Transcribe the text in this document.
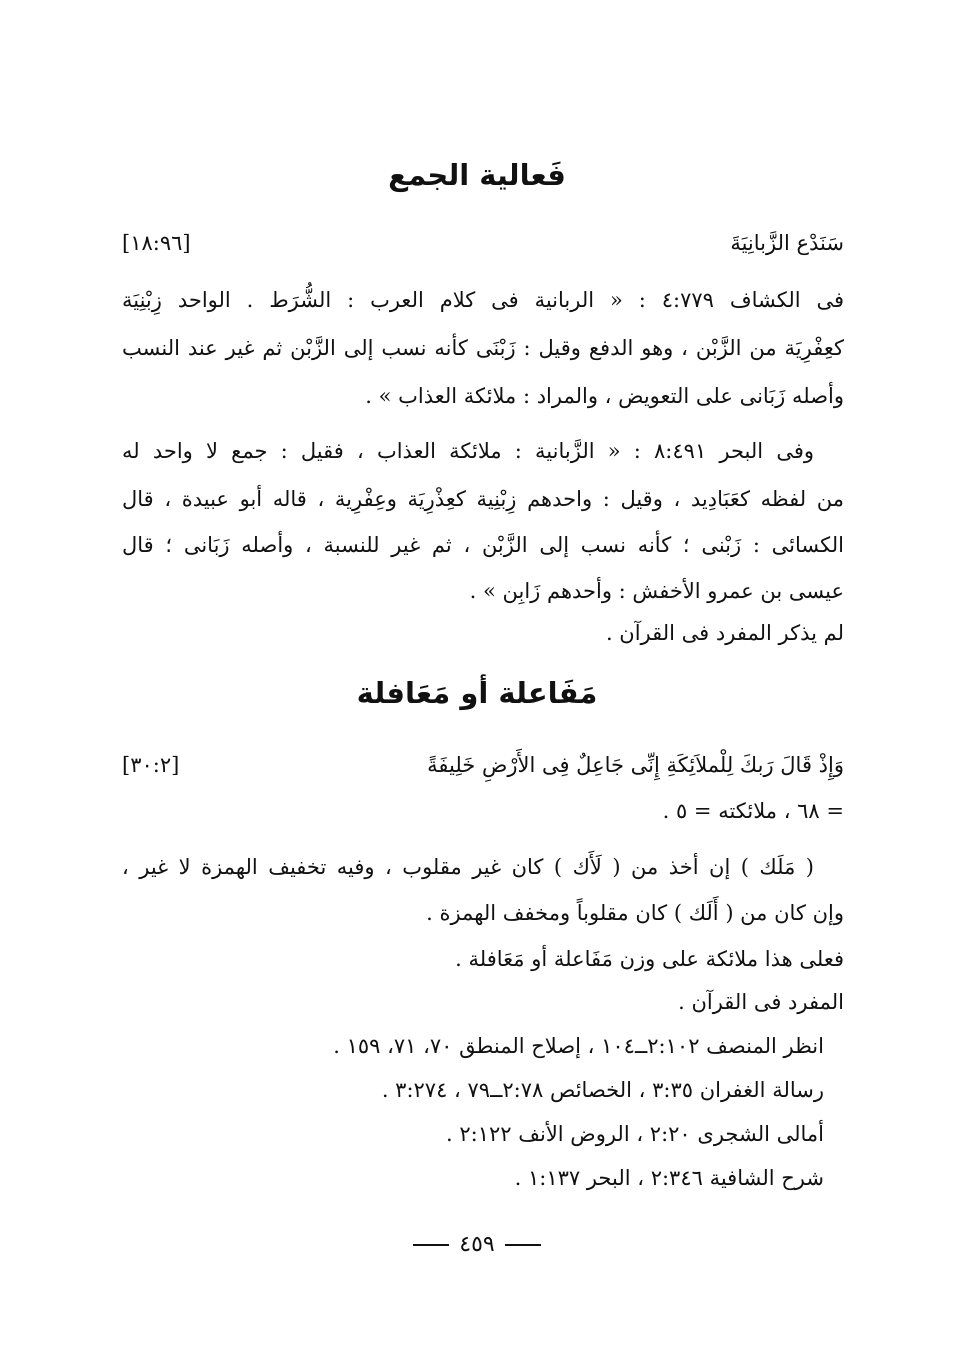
فَعالية الجمع
سَنَدْع الزَّبانِيَةَ
[١٨:٩٦]
فى الكشاف ٤:٧٧٩ : « الربانية فى كلام العرب : الشُّرَط . الواحد زِبْنِيَة
كعِفْرِيَة من الزَّبْن ، وهو الدفع وقيل : زَبْنَى كأنه نسب إلى الزَّبْن ثم غير عند النسب
وأصله زَبَانى على التعويض ، والمراد : ملائكة العذاب » .
وفى البحر ٨:٤٩١ : « الزَّبانية : ملائكة العذاب ، فقيل : جمع لا واحد له
من لفظه كعَبَادِيد ، وقيل : واحدهم زِبْنِية كعِذْرِيَة وعِفْرِية ، قاله أبو عبيدة ، قال
الكسائى : زَبْنى ؛ كأنه نسب إلى الزَّبْن ، ثم غير للنسبة ، وأصله زَبَانى ؛ قال
عيسى بن عمرو الأخفش : وأحدهم زَابِن » .
لم يذكر المفرد فى القرآن .
مَفَاعلة أو مَعَافلة
وَإِذْ قَالَ رَبكَ لِلْملاَئِكَةِ إِنِّى جَاعِلٌ فِى الأَرْضِ خَلِيفَةً
[٣٠:٢]
= ٦٨ ، ملائكته = ٥ .
( مَلَك ) إن أخذ من ( لَأَك ) كان غير مقلوب ، وفيه تخفيف الهمزة لا غير ،
وإن كان من ( أَلَك ) كان مقلوباً ومخفف الهمزة .
فعلى هذا ملائكة على وزن مَفَاعلة أو مَعَافلة .
المفرد فى القرآن .
انظر المنصف ٢:١٠٢ــ١٠٤ ، إصلاح المنطق ٧٠، ٧١، ١٥٩ .
رسالة الغفران ٣:٣٥ ، الخصائص ٢:٧٨ــ٧٩ ، ٣:٢٧٤ .
أمالى الشجرى ٢:٢٠ ، الروض الأنف ٢:١٢٢ .
شرح الشافية ٢:٣٤٦ ، البحر ١:١٣٧ .
٤٥٩
